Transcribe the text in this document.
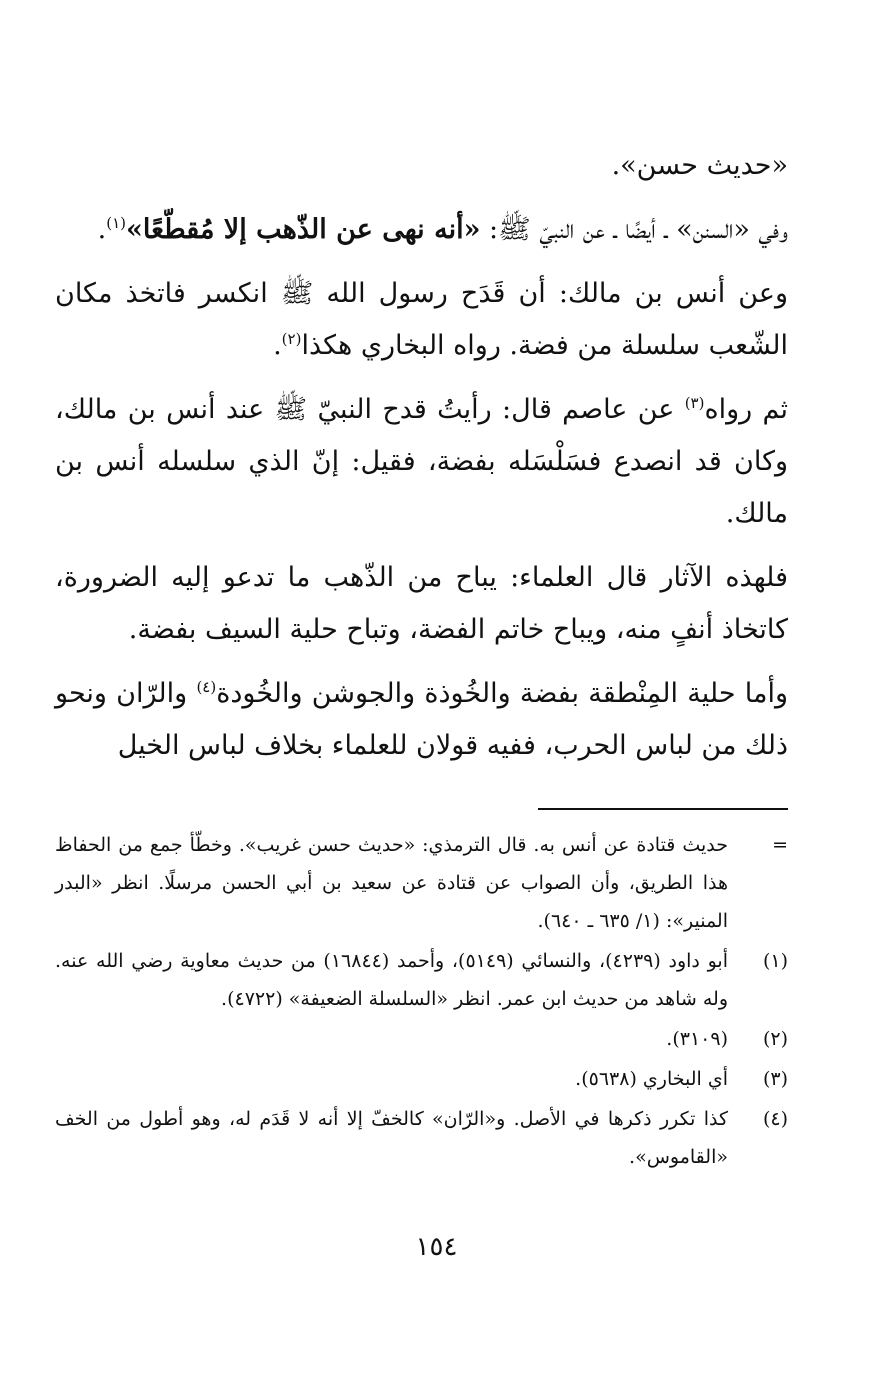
«حديث حسن».

وفي «السنن» ـ أيضًا ـ عن النبيّ ﷺ: «أنه نهى عن الذّهب إلا مُقطّعًا»$^{(١)}$.

وعن أنس بن مالك: أن قَدَح رسول الله ﷺ انكسر فاتخذ مكان الشّعب سلسلة من فضة. رواه البخاري هكذا$^{(٢)}$.

ثم رواه$^{(٣)}$ عن عاصم قال: رأيتُ قدح النبيّ ﷺ عند أنس بن مالك، وكان قد انصدع فسَلْسَله بفضة، فقيل: إنّ الذي سلسله أنس بن مالك.

فلهذه الآثار قال العلماء: يباح من الذّهب ما تدعو إليه الضرورة، كاتخاذ أنفٍ منه، ويباح خاتم الفضة، وتباح حلية السيف بفضة.

وأما حلية المِنْطقة بفضة والخُوذة والجوشن والخُودة$^{(٤)}$ والرّان ونحو ذلك من لباس الحرب، ففيه قولان للعلماء بخلاف لباس الخيل

=
حديث قتادة عن أنس به. قال الترمذي: «حديث حسن غريب». وخطّأ جمع من الحفاظ هذا الطريق، وأن الصواب عن قتادة عن سعيد بن أبي الحسن مرسلًا. انظر «البدر المنير»: (١/ ٦٣٥ ـ ٦٤٠).
(١)
أبو داود (٤٢٣٩)، والنسائي (٥١٤٩)، وأحمد (١٦٨٤٤) من حديث معاوية رضي الله عنه. وله شاهد من حديث ابن عمر. انظر «السلسلة الضعيفة» (٤٧٢٢).
(٢)
(٣١٠٩).
(٣)
أي البخاري (٥٦٣٨).
(٤)
كذا تكرر ذكرها في الأصل. و«الرّان» كالخفّ إلا أنه لا قَدَم له، وهو أطول من الخف «القاموس».
١٥٤
